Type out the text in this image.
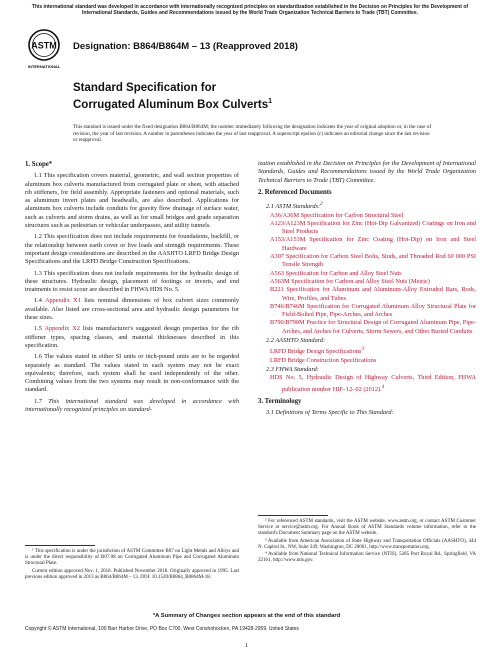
This international standard was developed in accordance with internationally recognized principles on standardization established in the Decision on Principles for the Development of International Standards, Guides and Recommendations issued by the World Trade Organization Technical Barriers to Trade (TBT) Committee.
ASTM
INTERNATIONAL
Designation: B864/B864M – 13 (Reapproved 2018)
Standard Specification for
Corrugated Aluminum Box Culverts$^1$
This standard is issued under the fixed designation B864/B864M; the number immediately following the designation indicates the year of original adoption or, in the case of revision, the year of last revision. A number in parentheses indicates the year of last reapproval. A superscript epsilon (ε) indicates an editorial change since the last revision or reapproval.
1. Scope*
1.1 This specification covers material, geometric, and wall section properties of aluminum box culverts manufactured from corrugated plate or sheet, with attached rib stiffeners, for field assembly. Appropriate fasteners and optional materials, such as aluminum invert plates and headwalls, are also described. Applications for aluminum box culverts include conduits for gravity flow drainage of surface water, such as culverts and storm drains, as well as for small bridges and grade separation structures such as pedestrian or vehicular underpasses, and utility tunnels.
1.2 This specification does not include requirements for foundations, backfill, or the relationship between earth cover or live loads and strength requirements. These important design considerations are described in the AASHTO LRFD Bridge Design Specifications and the LRFD Bridge Construction Specifications.
1.3 This specification does not include requirements for the hydraulic design of these structures. Hydraulic design, placement of footings or inverts, and end treatments to resist scour are described in FHWA HDS No. 5.
1.4 Appendix X1 lists nominal dimensions of box culvert sizes commonly available. Also listed are cross-sectional area and hydraulic design parameters for these sizes.
1.5 Appendix X2 lists manufacturer's suggested design properties for the rib stiffener types, spacing classes, and material thicknesses described in this specification.
1.6 The values stated in either SI units or inch-pound units are to be regarded separately as standard. The values stated in each system may not be exact equivalents; therefore, each system shall be used independently of the other. Combining values from the two systems may result in non-conformance with the standard.
1.7 This international standard was developed in accordance with internationally recognized principles on standard-
ization established in the Decision on Principles for the Development of International Standards, Guides and Recommendations issued by the World Trade Organization Technical Barriers to Trade (TBT) Committee.
2. Referenced Documents
2.1 ASTM Standards:$^2$
A36/A36M Specification for Carbon Structural Steel
A123/A123M Specification for Zinc (Hot-Dip Galvanized) Coatings on Iron and Steel Products
A153/A153M Specification for Zinc Coating (Hot-Dip) on Iron and Steel Hardware
A307 Specification for Carbon Steel Bolts, Studs, and Threaded Rod 60 000 PSI Tensile Strength
A563 Specification for Carbon and Alloy Steel Nuts
A563M Specification for Carbon and Alloy Steel Nuts (Metric)
B221 Specification for Aluminum and Aluminum-Alloy Extruded Bars, Rods, Wire, Profiles, and Tubes
B746/B746M Specification for Corrugated Aluminum Alloy Structural Plate for Field-Bolted Pipe, Pipe-Arches, and Arches
B790/B790M Practice for Structural Design of Corrugated Aluminum Pipe, Pipe-Arches, and Arches for Culverts, Storm Sewers, and Other Buried Conduits
2.2 AASHTO Standard:
LRFD Bridge Design Specifications$^3$
LRFD Bridge Construction Specifications
2.3 FHWA Standard:
HDS No. 5, Hydraulic Design of Highway Culverts, Third Edition, FHWA publication number HIF–12–02 (2012).$^4$
3. Terminology
3.1 Definitions of Terms Specific to This Standard:
² For referenced ASTM standards, visit the ASTM website, www.astm.org, or contact ASTM Customer Service at service@astm.org. For Annual Book of ASTM Standards volume information, refer to the standard's Document Summary page on the ASTM website.
³ Available from American Association of State Highway and Transportation Officials (AASHTO), 444 N. Capitol St., NW, Suite 249, Washington, DC 20001, http://www.transportation.org.
⁴ Available from National Technical Information Service (NTIS), 5285 Port Royal Rd., Springfield, VA 22161, http://www.ntis.gov.
¹ This specification is under the jurisdiction of ASTM Committee B07 on Light Metals and Alloys and is under the direct responsibility of B07.08 on Corrugated Aluminum Pipe and Corrugated Aluminum Structural Plate.
Current edition approved Nov. 1, 2018. Published November 2018. Originally approved in 1995. Last previous edition approved in 2013 as B864/B864M – 13. DOI: 10.1520/B0864_B0864M-18.
*A Summary of Changes section appears at the end of this standard
Copyright © ASTM International, 100 Barr Harbor Drive, PO Box C700, West Conshohocken, PA 19428-2959. United States
1
